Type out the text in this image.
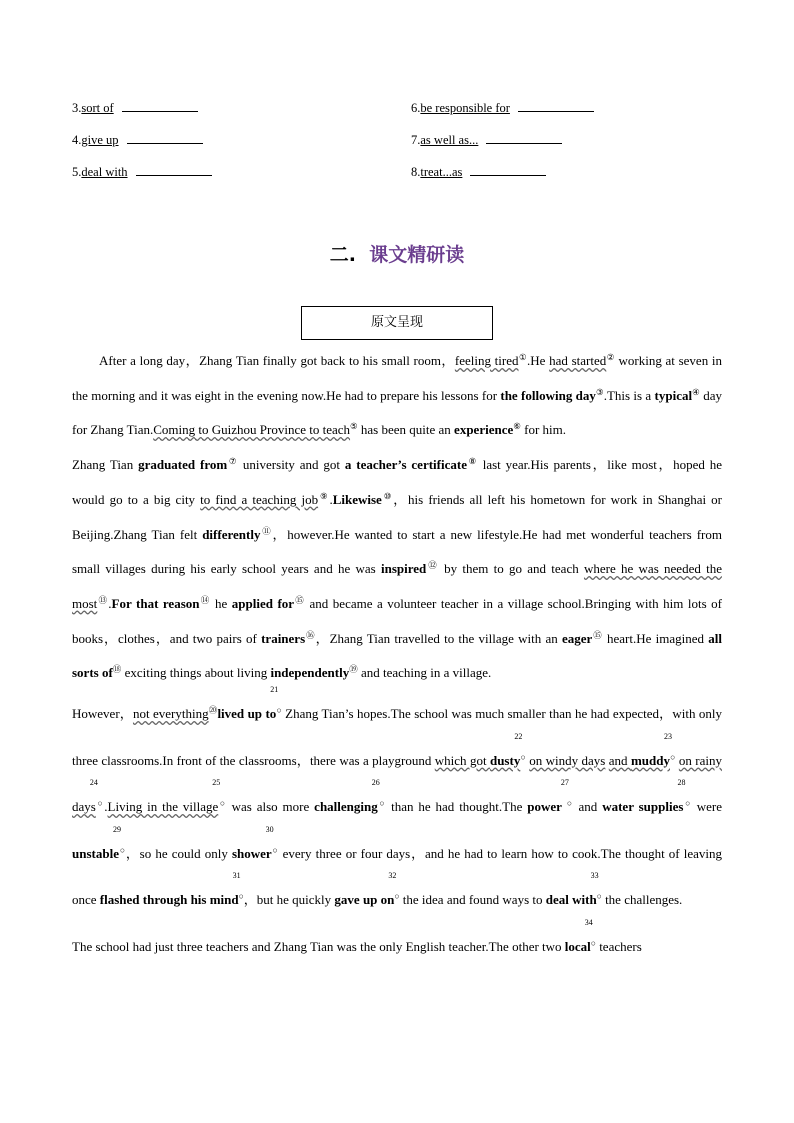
3.sort of	6.be responsible for
4.give up	7.as well as...
5.deal with	8.treat...as
二. 课文精研读
原文呈现

After a long day，Zhang Tian finally got back to his small room，feeling tired①.He had started② working at seven in the morning and it was eight in the evening now.He had to prepare his lessons for the following day③.This is a typical④ day for Zhang Tian.Coming to Guizhou Province to teach⑤ has been quite an experience⑥ for him.

Zhang Tian graduated from⑦ university and got a teacher’s certificate⑧ last year.His parents，like most，hoped he would go to a big city to find a teaching job⑨.Likewise⑩，his friends all left his hometown for work in Shanghai or Beijing.Zhang Tian felt differently⑪，however.He wanted to start a new lifestyle.He had met wonderful teachers from small villages during his early school years and he was inspired⑫ by them to go and teach where he was needed the most⑬.For that reason⑭ he applied for⑮ and became a volunteer teacher in a village school.Bringing with him lots of books，clothes，and two pairs of trainers⑯，Zhang Tian travelled to the village with an eager⑮ heart.He imagined all sorts of⑱ exciting things about living independently⑲ and teaching in a village.

However，not everything⑳lived up to
21
○ Zhang Tian’s hopes.The school was much smaller than he had expected，with only three classrooms.In front of the classrooms，there was a playground which got dusty
22
○ on windy days and muddy
23
○ on rainy days
24
○.Living in the village
25
○ was also more challenging
26
○ than he had thought.The power
27
○ and water supplies
28
○ were unstable
29
○，so he could only shower
30
○ every three or four days，and he had to learn how to cook.The thought of leaving once flashed through his mind
31
○，but he quickly gave up on
32
○ the idea and found ways to deal with
33
○ the challenges.

The school had just three teachers and Zhang Tian was the only English teacher.The other two local
34
○ teachers
